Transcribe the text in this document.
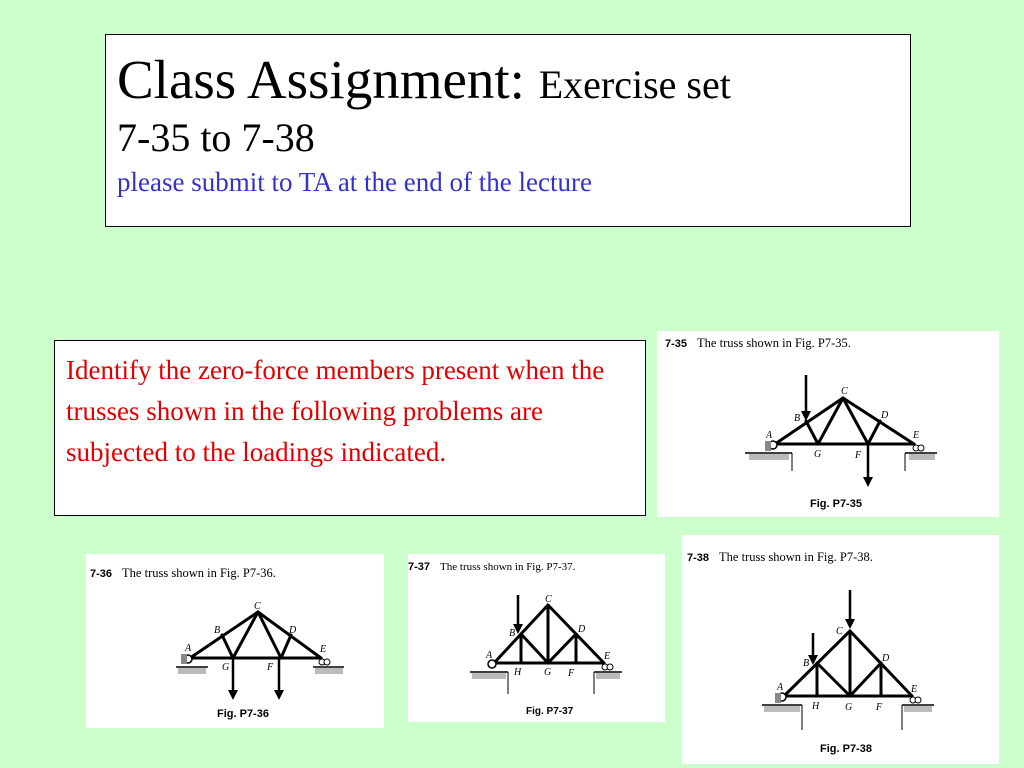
Class Assignment: Exercise set
7-35 to 7-38
please submit to TA at the end of the lecture
Identify the zero-force members present when the trusses shown in the following problems are subjected to the loadings indicated.
7-35 The truss shown in Fig. P7-35.
A
B
C
D
E
G	F
Fig. P7-35
7-36 The truss shown in Fig. P7-36.
A
B
C
D
E
G	F
Fig. P7-36
7-37 The truss shown in Fig. P7-37.
A
B
C
D
E
H G F
Fig. P7-37
7-38 The truss shown in Fig. P7-38.
A
B
C
D
E
H	G F
Fig. P7-38
